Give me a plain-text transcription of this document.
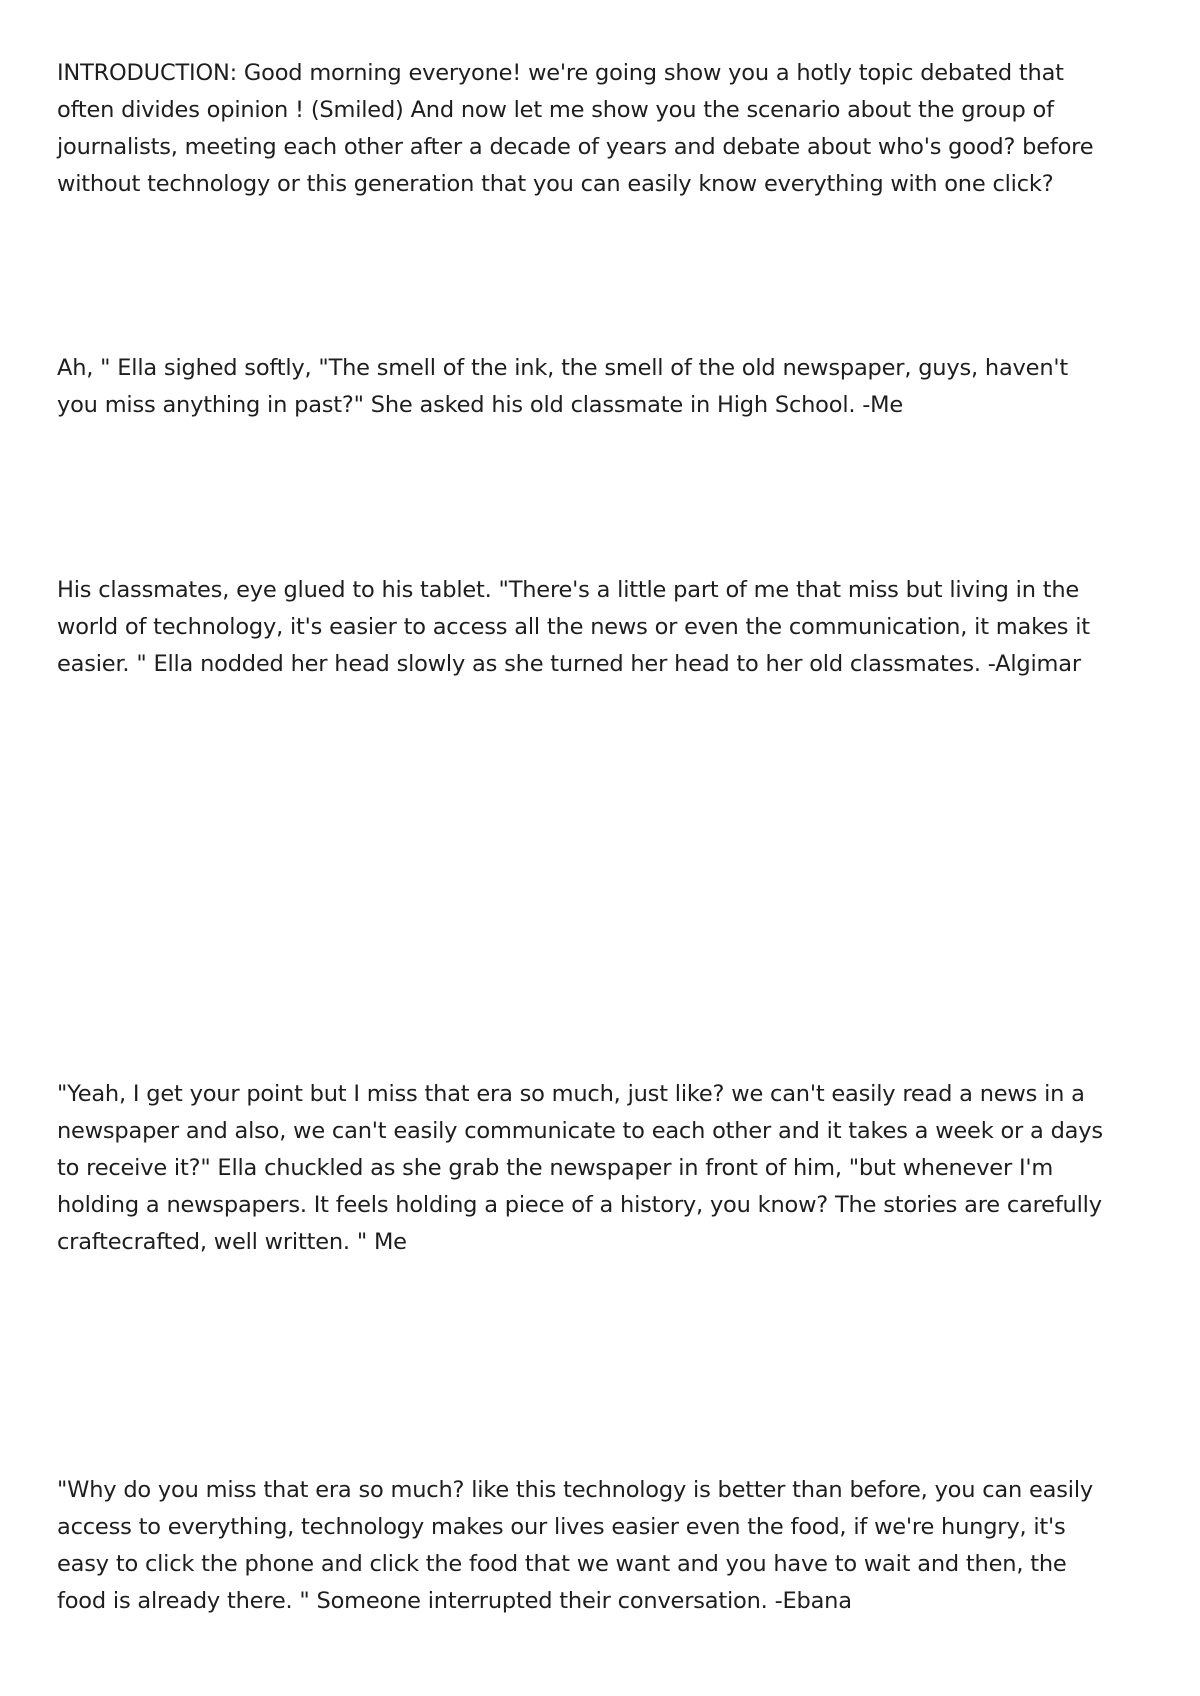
INTRODUCTION: Good morning everyone! we're going show you a hotly topic debated that
often divides opinion ! (Smiled) And now let me show you the scenario about the group of
journalists, meeting each other after a decade of years and debate about who's good? before
without technology or this generation that you can easily know everything with one click?

Ah, " Ella sighed softly, "The smell of the ink, the smell of the old newspaper, guys, haven't
you miss anything in past?" She asked his old classmate in High School. -Me

His classmates, eye glued to his tablet. "There's a little part of me that miss but living in the
world of technology, it's easier to access all the news or even the communication, it makes it
easier. " Ella nodded her head slowly as she turned her head to her old classmates. -Algimar

"Yeah, I get your point but I miss that era so much, just like? we can't easily read a news in a
newspaper and also, we can't easily communicate to each other and it takes a week or a days
to receive it?" Ella chuckled as she grab the newspaper in front of him, "but whenever I'm
holding a newspapers. It feels holding a piece of a history, you know? The stories are carefully
craftecrafted, well written. " Me

"Why do you miss that era so much? like this technology is better than before, you can easily
access to everything, technology makes our lives easier even the food, if we're hungry, it's
easy to click the phone and click the food that we want and you have to wait and then, the
food is already there. " Someone interrupted their conversation. -Ebana
